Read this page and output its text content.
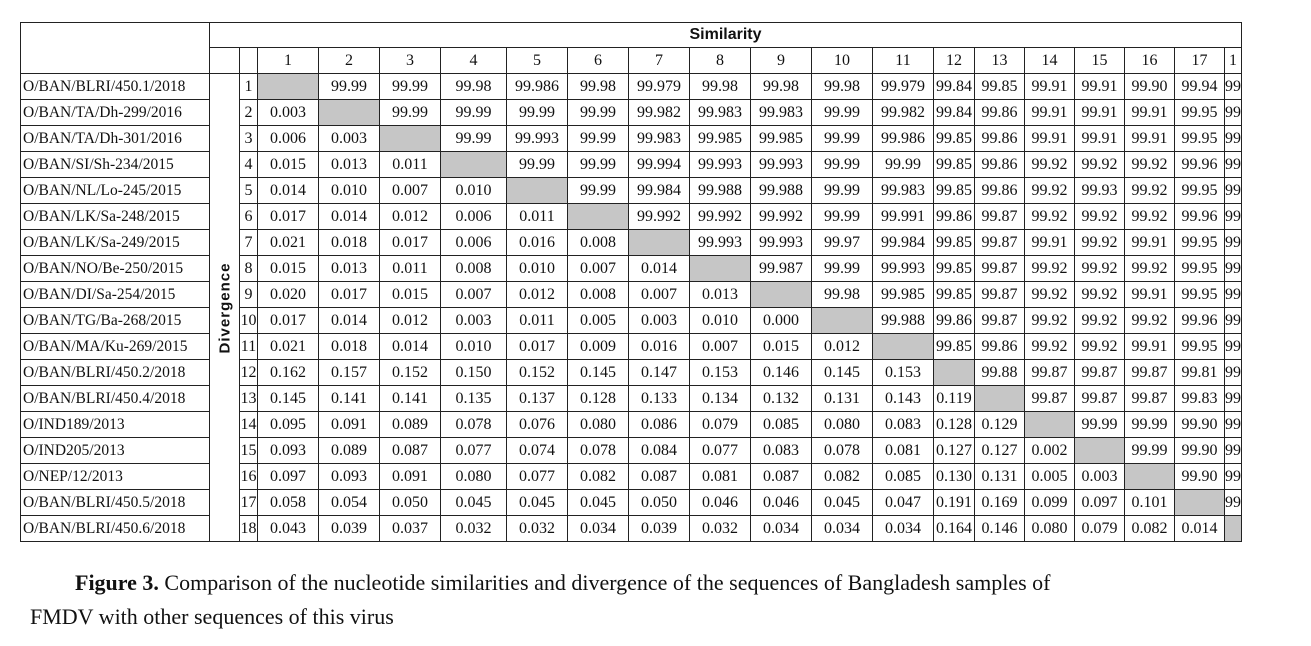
	Similarity																			
			1	2	3	4	5	6	7	8	9	10	11	12	13	14	15	16	17	1
O/BAN/BLRI/450.1/2018	Divergence	1		99.99	99.99	99.98	99.986	99.98	99.979	99.98	99.98	99.98	99.979	99.84	99.85	99.91	99.91	99.90	99.94	99
O/BAN/TA/Dh-299/2016		2	0.003		99.99	99.99	99.99	99.99	99.982	99.983	99.983	99.99	99.982	99.84	99.86	99.91	99.91	99.91	99.95	99
O/BAN/TA/Dh-301/2016		3	0.006	0.003		99.99	99.993	99.99	99.983	99.985	99.985	99.99	99.986	99.85	99.86	99.91	99.91	99.91	99.95	99
O/BAN/SI/Sh-234/2015		4	0.015	0.013	0.011		99.99	99.99	99.994	99.993	99.993	99.99	99.99	99.85	99.86	99.92	99.92	99.92	99.96	99
O/BAN/NL/Lo-245/2015		5	0.014	0.010	0.007	0.010		99.99	99.984	99.988	99.988	99.99	99.983	99.85	99.86	99.92	99.93	99.92	99.95	99
O/BAN/LK/Sa-248/2015		6	0.017	0.014	0.012	0.006	0.011		99.992	99.992	99.992	99.99	99.991	99.86	99.87	99.92	99.92	99.92	99.96	99
O/BAN/LK/Sa-249/2015		7	0.021	0.018	0.017	0.006	0.016	0.008		99.993	99.993	99.97	99.984	99.85	99.87	99.91	99.92	99.91	99.95	99
O/BAN/NO/Be-250/2015		8	0.015	0.013	0.011	0.008	0.010	0.007	0.014		99.987	99.99	99.993	99.85	99.87	99.92	99.92	99.92	99.95	99
O/BAN/DI/Sa-254/2015		9	0.020	0.017	0.015	0.007	0.012	0.008	0.007	0.013		99.98	99.985	99.85	99.87	99.92	99.92	99.91	99.95	99
O/BAN/TG/Ba-268/2015		10	0.017	0.014	0.012	0.003	0.011	0.005	0.003	0.010	0.000		99.988	99.86	99.87	99.92	99.92	99.92	99.96	99
O/BAN/MA/Ku-269/2015		11	0.021	0.018	0.014	0.010	0.017	0.009	0.016	0.007	0.015	0.012		99.85	99.86	99.92	99.92	99.91	99.95	99
O/BAN/BLRI/450.2/2018		12	0.162	0.157	0.152	0.150	0.152	0.145	0.147	0.153	0.146	0.145	0.153		99.88	99.87	99.87	99.87	99.81	99
O/BAN/BLRI/450.4/2018		13	0.145	0.141	0.141	0.135	0.137	0.128	0.133	0.134	0.132	0.131	0.143	0.119		99.87	99.87	99.87	99.83	99
O/IND189/2013		14	0.095	0.091	0.089	0.078	0.076	0.080	0.086	0.079	0.085	0.080	0.083	0.128	0.129		99.99	99.99	99.90	99
O/IND205/2013		15	0.093	0.089	0.087	0.077	0.074	0.078	0.084	0.077	0.083	0.078	0.081	0.127	0.127	0.002		99.99	99.90	99
O/NEP/12/2013		16	0.097	0.093	0.091	0.080	0.077	0.082	0.087	0.081	0.087	0.082	0.085	0.130	0.131	0.005	0.003		99.90	99
O/BAN/BLRI/450.5/2018		17	0.058	0.054	0.050	0.045	0.045	0.045	0.050	0.046	0.046	0.045	0.047	0.191	0.169	0.099	0.097	0.101		99
O/BAN/BLRI/450.6/2018		18	0.043	0.039	0.037	0.032	0.032	0.034	0.039	0.032	0.034	0.034	0.034	0.164	0.146	0.080	0.079	0.082	0.014	
Figure 3. Comparison of the nucleotide similarities and divergence of the sequences of Bangladesh samples of
FMDV with other sequences of this virus
